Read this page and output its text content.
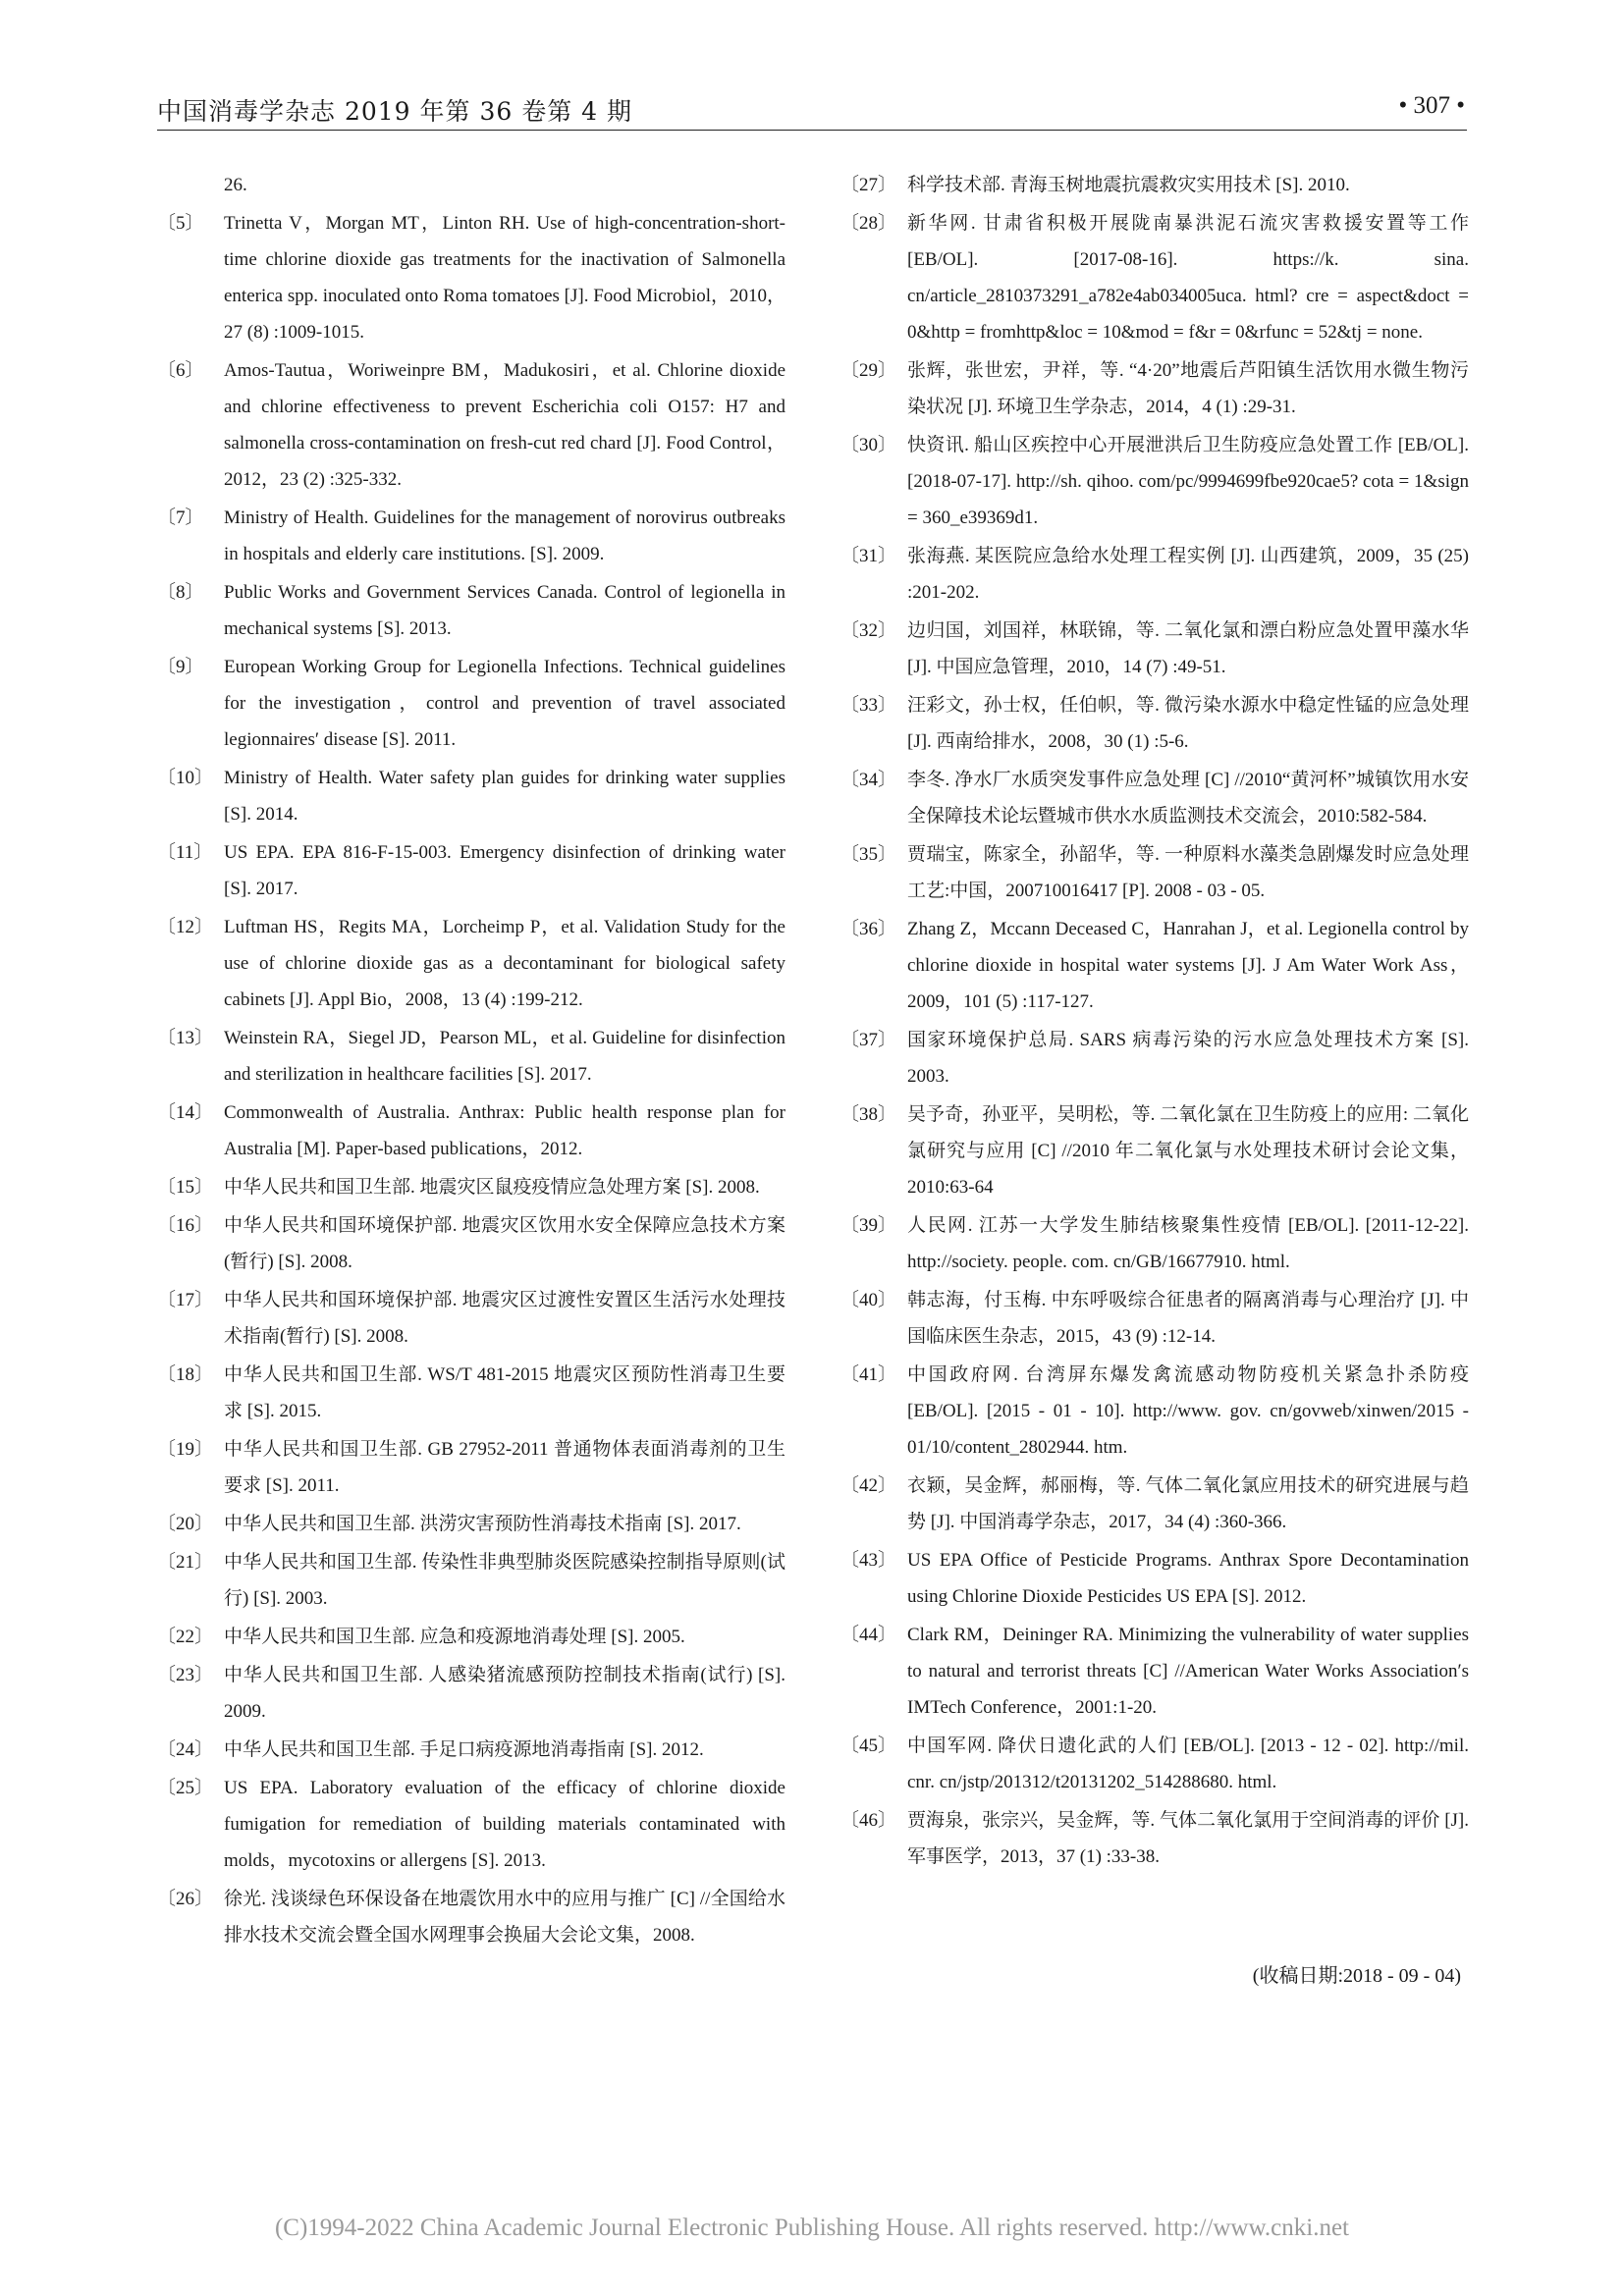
中国消毒学杂志 2019 年第 36 卷第 4 期	• 307 •
26.
〔5〕	Trinetta V，Morgan MT，Linton RH. Use of high-concentration-short-time chlorine dioxide gas treatments for the inactivation of Salmonella enterica spp. inoculated onto Roma tomatoes [J]. Food Microbiol，2010，27 (8) :1009-1015.
〔6〕	Amos-Tautua，Woriweinpre BM，Madukosiri，et al. Chlorine dioxide and chlorine effectiveness to prevent Escherichia coli O157: H7 and salmonella cross-contamination on fresh-cut red chard [J]. Food Control，2012，23 (2) :325-332.
〔7〕	Ministry of Health. Guidelines for the management of norovirus outbreaks in hospitals and elderly care institutions. [S]. 2009.
〔8〕	Public Works and Government Services Canada. Control of legionella in mechanical systems [S]. 2013.
〔9〕	European Working Group for Legionella Infections. Technical guidelines for the investigation，control and prevention of travel associated legionnaires′ disease [S]. 2011.
〔10〕 Ministry of Health. Water safety plan guides for drinking water supplies [S]. 2014.
〔11〕 US EPA. EPA 816-F-15-003. Emergency disinfection of drinking water [S]. 2017.
〔12〕 Luftman HS，Regits MA，Lorcheimp P，et al. Validation Study for the use of chlorine dioxide gas as a decontaminant for biological safety cabinets [J]. Appl Bio，2008，13 (4) :199-212.
〔13〕 Weinstein RA，Siegel JD，Pearson ML，et al. Guideline for disinfection and sterilization in healthcare facilities [S]. 2017.
〔14〕 Commonwealth of Australia. Anthrax: Public health response plan for Australia [M]. Paper-based publications，2012.
〔15〕 中华人民共和国卫生部. 地震灾区鼠疫疫情应急处理方案 [S]. 2008.
〔16〕 中华人民共和国环境保护部. 地震灾区饮用水安全保障应急技术方案(暂行) [S]. 2008.
〔17〕 中华人民共和国环境保护部. 地震灾区过渡性安置区生活污水处理技术指南(暂行) [S]. 2008.
〔18〕 中华人民共和国卫生部. WS/T 481-2015 地震灾区预防性消毒卫生要求 [S]. 2015.
〔19〕 中华人民共和国卫生部. GB 27952-2011 普通物体表面消毒剂的卫生要求 [S]. 2011.
〔20〕 中华人民共和国卫生部. 洪涝灾害预防性消毒技术指南 [S]. 2017.
〔21〕 中华人民共和国卫生部. 传染性非典型肺炎医院感染控制指导原则(试行) [S]. 2003.
〔22〕 中华人民共和国卫生部. 应急和疫源地消毒处理 [S]. 2005.
〔23〕 中华人民共和国卫生部. 人感染猪流感预防控制技术指南(试行) [S]. 2009.
〔24〕 中华人民共和国卫生部. 手足口病疫源地消毒指南 [S]. 2012.
〔25〕 US EPA. Laboratory evaluation of the efficacy of chlorine dioxide fumigation for remediation of building materials contaminated with molds，mycotoxins or allergens [S]. 2013.
〔26〕 徐光. 浅谈绿色环保设备在地震饮用水中的应用与推广 [C] //全国给水排水技术交流会暨全国水网理事会换届大会论文集，2008.
〔27〕 科学技术部. 青海玉树地震抗震救灾实用技术 [S]. 2010.
〔28〕 新华网. 甘肃省积极开展陇南暴洪泥石流灾害救援安置等工作 [EB/OL]. [2017-08-16]. https://k. sina. cn/article_2810373291_a782e4ab034005uca. html? cre = aspect&doct = 0&http = fromhttp&loc = 10&mod = f&r = 0&rfunc = 52&tj = none.
〔29〕 张辉，张世宏，尹祥，等. “4·20”地震后芦阳镇生活饮用水微生物污染状况 [J]. 环境卫生学杂志，2014，4 (1) :29-31.
〔30〕 快资讯. 船山区疾控中心开展泄洪后卫生防疫应急处置工作 [EB/OL]. [2018-07-17]. http://sh. qihoo. com/pc/9994699fbe920cae5? cota = 1&sign = 360_e39369d1.
〔31〕 张海燕. 某医院应急给水处理工程实例 [J]. 山西建筑，2009，35 (25) :201-202.
〔32〕 边归国，刘国祥，林联锦，等. 二氧化氯和漂白粉应急处置甲藻水华 [J]. 中国应急管理，2010，14 (7) :49-51.
〔33〕 汪彩文，孙士权，任伯帜，等. 微污染水源水中稳定性锰的应急处理 [J]. 西南给排水，2008，30 (1) :5-6.
〔34〕 李冬. 净水厂水质突发事件应急处理 [C] //2010“黄河杯”城镇饮用水安全保障技术论坛暨城市供水水质监测技术交流会，2010:582-584.
〔35〕 贾瑞宝，陈家全，孙韶华，等. 一种原料水藻类急剧爆发时应急处理工艺:中国，200710016417 [P]. 2008 - 03 - 05.
〔36〕 Zhang Z，Mccann Deceased C，Hanrahan J，et al. Legionella control by chlorine dioxide in hospital water systems [J]. J Am Water Work Ass，2009，101 (5) :117-127.
〔37〕 国家环境保护总局. SARS 病毒污染的污水应急处理技术方案 [S]. 2003.
〔38〕 吴予奇，孙亚平，吴明松，等. 二氧化氯在卫生防疫上的应用: 二氧化氯研究与应用 [C] //2010 年二氧化氯与水处理技术研讨会论文集，2010:63-64
〔39〕 人民网. 江苏一大学发生肺结核聚集性疫情 [EB/OL]. [2011-12-22]. http://society. people. com. cn/GB/16677910. html.
〔40〕 韩志海，付玉梅. 中东呼吸综合征患者的隔离消毒与心理治疗 [J]. 中国临床医生杂志，2015，43 (9) :12-14.
〔41〕 中国政府网. 台湾屏东爆发禽流感动物防疫机关紧急扑杀防疫 [EB/OL]. [2015 - 01 - 10]. http://www. gov. cn/govweb/xinwen/2015 - 01/10/content_2802944. htm.
〔42〕 衣颖，吴金辉，郝丽梅，等. 气体二氧化氯应用技术的研究进展与趋势 [J]. 中国消毒学杂志，2017，34 (4) :360-366.
〔43〕 US EPA Office of Pesticide Programs. Anthrax Spore Decontamination using Chlorine Dioxide Pesticides US EPA [S]. 2012.
〔44〕 Clark RM，Deininger RA. Minimizing the vulnerability of water supplies to natural and terrorist threats [C] //American Water Works Association′s IMTech Conference，2001:1-20.
〔45〕 中国军网. 降伏日遗化武的人们 [EB/OL]. [2013 - 12 - 02]. http://mil. cnr. cn/jstp/201312/t20131202_514288680. html.
〔46〕 贾海泉，张宗兴，吴金辉，等. 气体二氧化氯用于空间消毒的评价 [J]. 军事医学，2013，37 (1) :33-38.
(收稿日期:2018 - 09 - 04)
(C)1994-2022 China Academic Journal Electronic Publishing House. All rights reserved. http://www.cnki.net
